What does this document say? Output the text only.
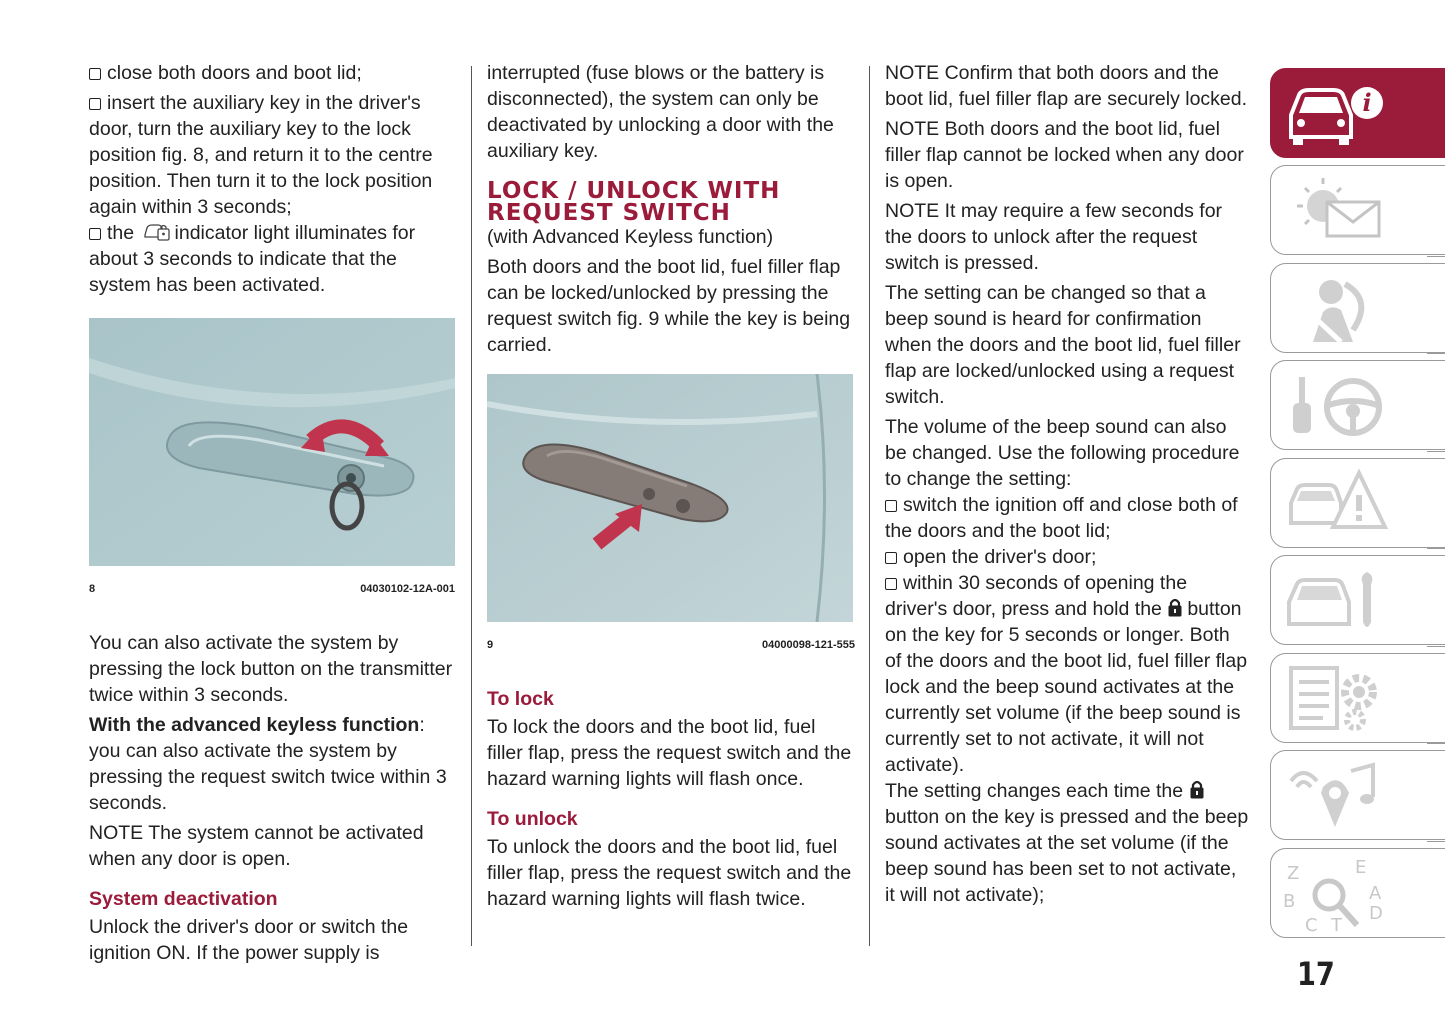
close both doors and boot lid;

insert the auxiliary key in the driver's door, turn the auxiliary key to the lock position fig. 8, and return it to the centre position. Then turn it to the lock position again within 3 seconds;

the indicator light illuminates for about 3 seconds to indicate that the system has been activated.

8	04030102-12A-001

You can also activate the system by pressing the lock button on the transmitter twice within 3 seconds.

With the advanced keyless function: you can also activate the system by pressing the request switch twice within 3 seconds.

NOTE The system cannot be activated when any door is open.

System deactivation

Unlock the driver's door or switch the ignition ON. If the power supply is

interrupted (fuse blows or the battery is disconnected), the system can only be deactivated by unlocking a door with the auxiliary key.

LOCK / UNLOCK WITH REQUEST SWITCH

(with Advanced Keyless function)

Both doors and the boot lid, fuel filler flap can be locked/unlocked by pressing the request switch fig. 9 while the key is being carried.

9	04000098-121-555
To lock

To lock the doors and the boot lid, fuel filler flap, press the request switch and the hazard warning lights will flash once.

To unlock

To unlock the doors and the boot lid, fuel filler flap, press the request switch and the hazard warning lights will flash twice.

NOTE Confirm that both doors and the boot lid, fuel filler flap are securely locked.

NOTE Both doors and the boot lid, fuel filler flap cannot be locked when any door is open.

NOTE It may require a few seconds for the doors to unlock after the request switch is pressed.

The setting can be changed so that a beep sound is heard for confirmation when the doors and the boot lid, fuel filler flap are locked/unlocked using a request switch.

The volume of the beep sound can also be changed. Use the following procedure to change the setting:

switch the ignition off and close both of the doors and the boot lid;

open the driver's door;

within 30 seconds of opening the driver's door, press and hold the button on the key for 5 seconds or longer. Both of the doors and the boot lid, fuel filler flap lock and the beep sound activates at the currently set volume (if the beep sound is currently set to not activate, it will not activate).

The setting changes each time the button on the key is pressed and the beep sound activates at the set volume (if the beep sound has been set to not activate, it will not activate);

i
Z	E
A
B
C
D
T
17
